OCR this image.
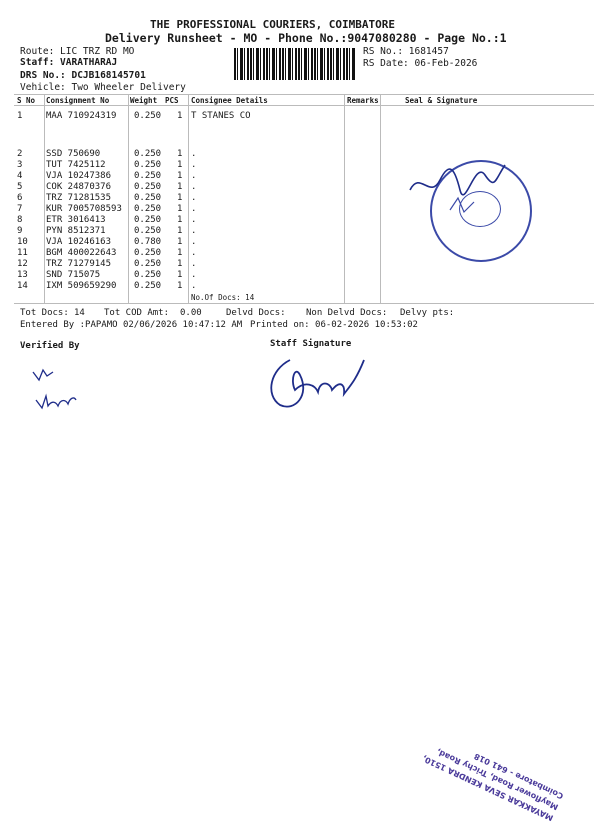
THE PROFESSIONAL COURIERS, COIMBATORE
Delivery Runsheet - MO - Phone No.:9047080280 - Page No.:1
Route: LIC TRZ RD MO
Staff: VARATHARAJ
DRS No.: DCJB168145701
Vehicle: Two Wheeler Delivery
RS No.: 1681457
RS Date: 06-Feb-2026
S No Consignment No	Weight PCS Consignee Details	Remarks	Seal & Signature
1	MAA 710924319 0.250 1 T STANES CO
2	SSD 750690	0.250 1 .
3	TUT 7425112	0.250 1 .
4	VJA 10247386	0.250 1 .
5	COK 24870376	0.250 1 .
6	TRZ 71281535	0.250 1 .
7	KUR 7005708593 0.250 1 .
8	ETR 3016413	0.250 1 .
9	PYN 8512371	0.250 1 .
10 VJA 10246163	0.780 1 .
11 BGM 400022643 0.250 1 .
12 TRZ 71279145	0.250 1 .
13 SND 715075	0.250 1 .
14 IXM 509659290 0.250 1 .
No.Of Docs: 14
Tot Docs: 14 Tot COD Amt: 0.00	Delvd Docs: Non Delvd Docs: Delvy pts:
Entered By :PAPAMO 02/06/2026 10:47:12 AM Printed on: 06-02-2026 10:53:02
Verified By	Staff Signature
MAYAKKAR SEVA KENDRA 1510, Mayflower Road, Trichy Road, Coimbatore - 641 018
